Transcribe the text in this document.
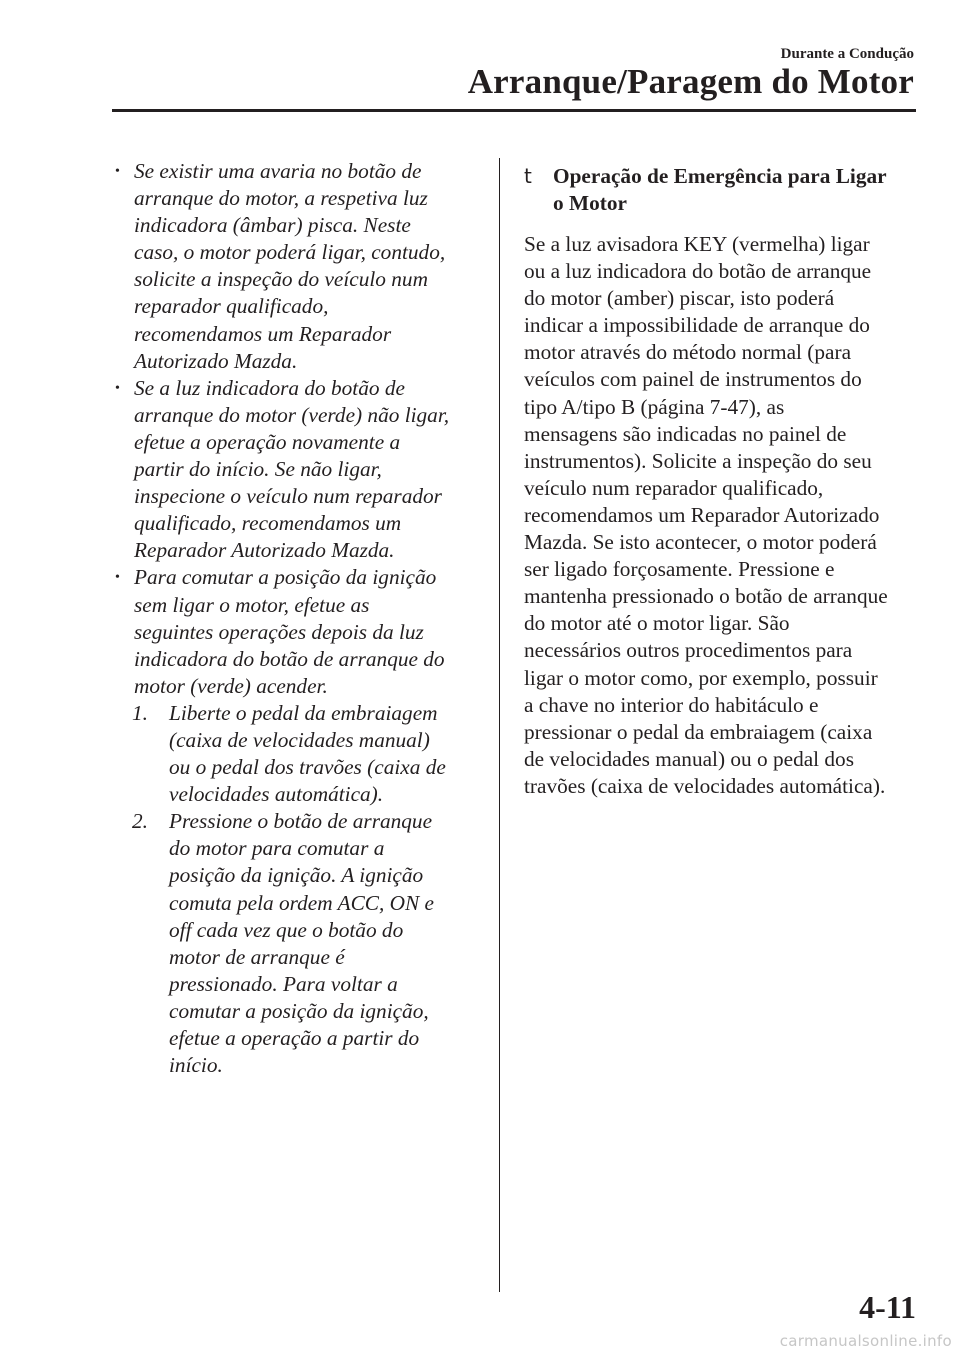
Durante a Condução
Arranque/Paragem do Motor
• Se existir uma avaria no botão de
arranque do motor, a respetiva luz
indicadora (âmbar) pisca. Neste
caso, o motor poderá ligar, contudo,
solicite a inspeção do veículo num
reparador qualificado,
recomendamos um Reparador
Autorizado Mazda.
• Se a luz indicadora do botão de
arranque do motor (verde) não ligar,
efetue a operação novamente a
partir do início. Se não ligar,
inspecione o veículo num reparador
qualificado, recomendamos um
Reparador Autorizado Mazda.
• Para comutar a posição da ignição
sem ligar o motor, efetue as
seguintes operações depois da luz
indicadora do botão de arranque do
motor (verde) acender.
1. Liberte o pedal da embraiagem
(caixa de velocidades manual)
ou o pedal dos travões (caixa de
velocidades automática).
2. Pressione o botão de arranque
do motor para comutar a
posição da ignição. A ignição
comuta pela ordem ACC, ON e
off cada vez que o botão do
motor de arranque é
pressionado. Para voltar a
comutar a posição da ignição,
efetue a operação a partir do
início.
t Operação de Emergência para Ligar
o Motor
Se a luz avisadora KEY (vermelha) ligar
ou a luz indicadora do botão de arranque
do motor (amber) piscar, isto poderá
indicar a impossibilidade de arranque do
motor através do método normal (para
veículos com painel de instrumentos do
tipo A/tipo B (página 7-47), as
mensagens são indicadas no painel de
instrumentos). Solicite a inspeção do seu
veículo num reparador qualificado,
recomendamos um Reparador Autorizado
Mazda. Se isto acontecer, o motor poderá
ser ligado forçosamente. Pressione e
mantenha pressionado o botão de arranque
do motor até o motor ligar. São
necessários outros procedimentos para
ligar o motor como, por exemplo, possuir
a chave no interior do habitáculo e
pressionar o pedal da embraiagem (caixa
de velocidades manual) ou o pedal dos
travões (caixa de velocidades automática).
4-11
carmanualsonline.info
